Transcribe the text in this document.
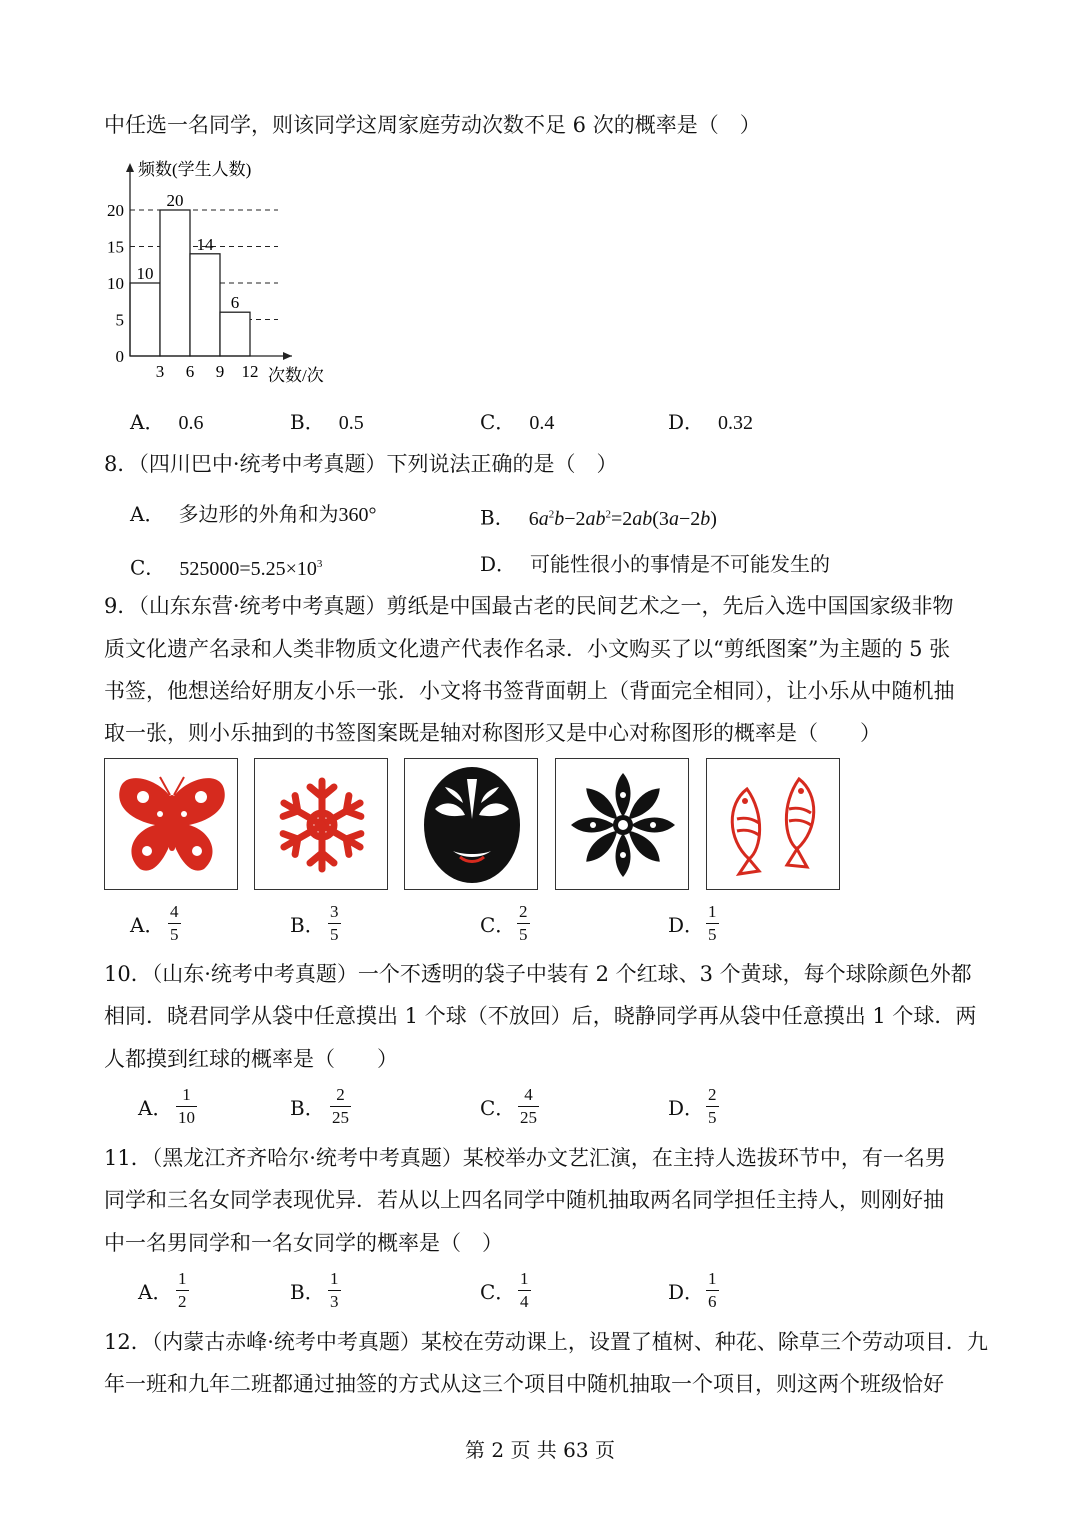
中任选一名同学，则该同学这周家庭劳动次数不足 6 次的概率是（　）
10
20
14
6
0
5
10
15
20
3 6 9 12
频数(学生人数)
次数/次
A． 0.6	B． 0.5	C． 0.4	D． 0.32
8．（四川巴中·统考中考真题）下列说法正确的是（　）
A． 多边形的外角和为360°	B． $6a^2b-2ab^2=2ab(3a-2b)$
C． $525000=5.25\times 10^3$	D． 可能性很小的事情是不可能发生的
9．（山东东营·统考中考真题）剪纸是中国最古老的民间艺术之一，先后入选中国国家级非物
质文化遗产名录和人类非物质文化遗产代表作名录．小文购买了以“剪纸图案”为主题的 5 张
书签，他想送给好朋友小乐一张．小文将书签背面朝上（背面完全相同），让小乐从中随机抽
取一张，则小乐抽到的书签图案既是轴对称图形又是中心对称图形的概率是（　　）
A． $\frac{4}{5}$	B． $\frac{3}{5}$	C． $\frac{2}{5}$	D． $\frac{1}{5}$
10．（山东·统考中考真题）一个不透明的袋子中装有 2 个红球、3 个黄球，每个球除颜色外都
相同．晓君同学从袋中任意摸出 1 个球（不放回）后，晓静同学再从袋中任意摸出 1 个球．两
人都摸到红球的概率是（　　）
A． $\frac{1}{10}$	B． $\frac{2}{25}$	C． $\frac{4}{25}$	D． $\frac{2}{5}$
11．（黑龙江齐齐哈尔·统考中考真题）某校举办文艺汇演，在主持人选拔环节中，有一名男
同学和三名女同学表现优异．若从以上四名同学中随机抽取两名同学担任主持人，则刚好抽
中一名男同学和一名女同学的概率是（　）
A． $\frac{1}{2}$	B． $\frac{1}{3}$	C． $\frac{1}{4}$	D． $\frac{1}{6}$
12．（内蒙古赤峰·统考中考真题）某校在劳动课上，设置了植树、种花、除草三个劳动项目．九
年一班和九年二班都通过抽签的方式从这三个项目中随机抽取一个项目，则这两个班级恰好
第 2 页 共 63 页
